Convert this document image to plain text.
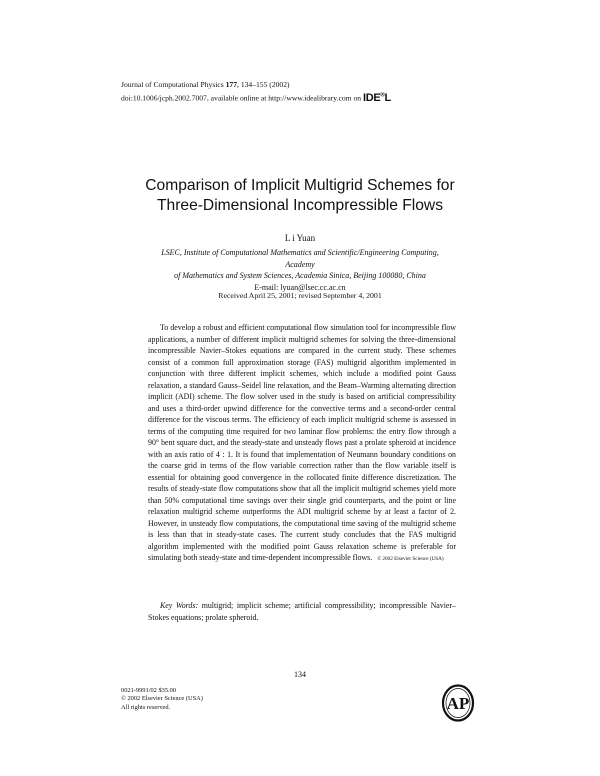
Journal of Computational Physics 177, 134–155 (2002)
doi:10.1006/jcph.2002.7007, available online at http://www.idealibrary.com on IDE®L
Comparison of Implicit Multigrid Schemes for
Three-Dimensional Incompressible Flows
L i Yuan
LSEC, Institute of Computational Mathematics and Scientific/Engineering Computing, Academy
of Mathematics and System Sciences, Academia Sinica, Beijing 100080, China
E-mail: lyuan@lsec.cc.ac.cn
Received April 25, 2001; revised September 4, 2001

To develop a robust and efficient computational flow simulation tool for incompressible flow applications, a number of different implicit multigrid schemes for solving the three-dimensional incompressible Navier–Stokes equations are compared in the current study. These schemes consist of a common full approximation storage (FAS) multigrid algorithm implemented in conjunction with three different implicit schemes, which include a modified point Gauss relaxation, a standard Gauss–Seidel line relaxation, and the Beam–Warming alternating direction implicit (ADI) scheme. The flow solver used in the study is based on artificial compressibility and uses a third-order upwind difference for the convective terms and a second-order central difference for the viscous terms. The efficiency of each implicit multigrid scheme is assessed in terms of the computing time required for two laminar flow problems: the entry flow through a 90° bent square duct, and the steady-state and unsteady flows past a prolate spheroid at incidence with an axis ratio of 4 : 1. It is found that implementation of Neumann boundary conditions on the coarse grid in terms of the flow variable correction rather than the flow variable itself is essential for obtaining good convergence in the collocated finite difference discretization. The results of steady-state flow computations show that all the implicit multigrid schemes yield more than 50% computational time savings over their single grid counterparts, and the point or line relaxation multigrid scheme outperforms the ADI multigrid scheme by at least a factor of 2. However, in unsteady flow computations, the computational time saving of the multigrid scheme is less than that in steady-state cases. The current study concludes that the FAS multigrid algorithm implemented with the modified point Gauss relaxation scheme is preferable for simulating both steady-state and time-dependent incompressible flows. © 2002 Elsevier Science (USA)

Key Words: multigrid; implicit scheme; artificial compressibility; incompressible Navier–Stokes equations; prolate spheroid.

134
0021-9991/02 $35.00
© 2002 Elsevier Science (USA)
All rights reserved.	AP
